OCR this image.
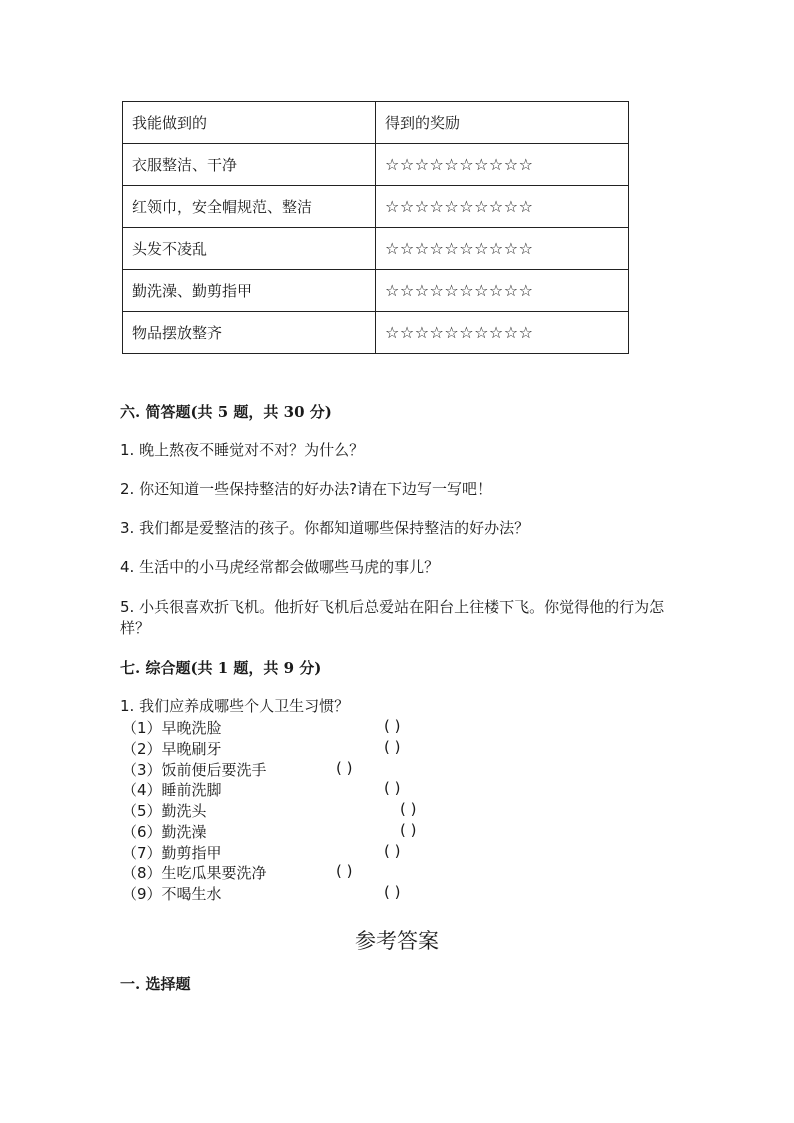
我能做到的	得到的奖励
衣服整洁、干净	☆☆☆☆☆☆☆☆☆☆
红领巾，安全帽规范、整洁	☆☆☆☆☆☆☆☆☆☆
头发不凌乱	☆☆☆☆☆☆☆☆☆☆
勤洗澡、勤剪指甲	☆☆☆☆☆☆☆☆☆☆
物品摆放整齐	☆☆☆☆☆☆☆☆☆☆

六. 简答题(共 5 题，共 30 分)

1. 晚上熬夜不睡觉对不对？为什么？

2. 你还知道一些保持整洁的好办法?请在下边写一写吧！

3. 我们都是爱整洁的孩子。你都知道哪些保持整洁的好办法？

4. 生活中的小马虎经常都会做哪些马虎的事儿？

5. 小兵很喜欢折飞机。他折好飞机后总爱站在阳台上往楼下飞。你觉得他的行为怎样？

七. 综合题(共 1 题，共 9 分)

1. 我们应养成哪些个人卫生习惯？

（1）早晚洗脸	( )

（2）早晚刷牙	( )

（3）饭前便后要洗手	( )

（4）睡前洗脚	( )

（5）勤洗头	( )

（6）勤洗澡	( )

（7）勤剪指甲	( )

（8）生吃瓜果要洗净	( )

（9）不喝生水	( )
参考答案

一. 选择题
